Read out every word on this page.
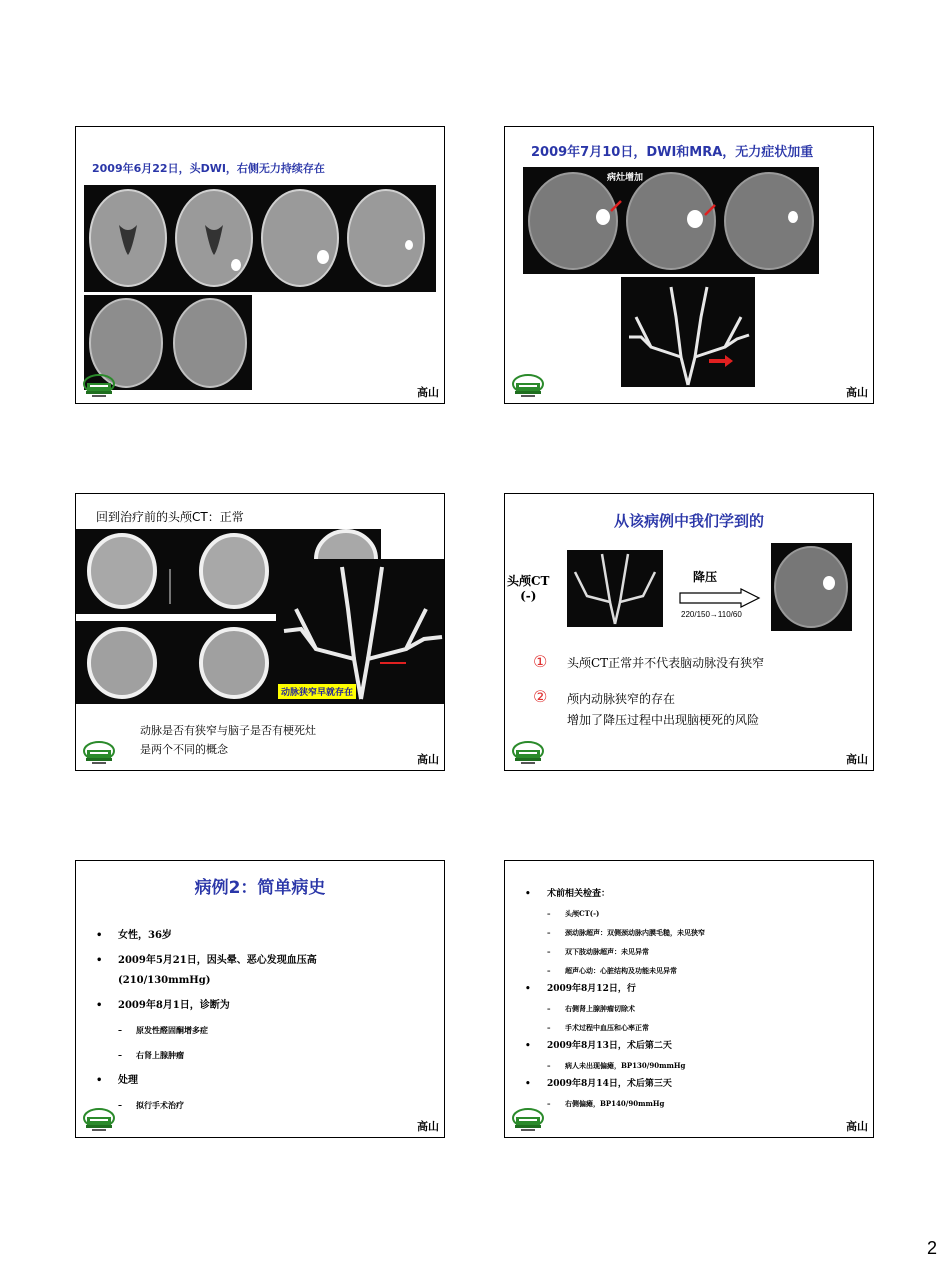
2009年6月22日，头DWI，右侧无力持续存在
高山
2009年7月10日，DWI和MRA，无力症状加重
病灶增加
高山
回到治疗前的头颅CT：正常
动脉狭窄早就存在
动脉是否有狭窄与脑子是否有梗死灶
是两个不同的概念
高山
从该病例中我们学到的
头颅CT
(-)
降压
220/150→110/60
① 头颅CT正常并不代表脑动脉没有狭窄
② 颅内动脉狭窄的存在
增加了降压过程中出现脑梗死的风险
高山
病例2：简单病史
• 女性，36岁
• 2009年5月21日，因头晕、恶心发现血压高
(210/130mmHg)
• 2009年8月1日，诊断为
– 原发性醛固酮增多症
– 右肾上腺肿瘤
• 处理
– 拟行手术治疗
高山
• 术前相关检查：
– 头颅CT(-)
– 颈动脉超声：双侧颈动脉内膜毛糙，未见狭窄
– 双下肢动脉超声：未见异常
– 超声心动：心脏结构及功能未见异常
• 2009年8月12日，行
– 右侧肾上腺肿瘤切除术
– 手术过程中血压和心率正常
• 2009年8月13日，术后第二天
– 病人未出现偏瘫，BP130/90mmHg
• 2009年8月14日，术后第三天
– 右侧偏瘫，BP140/90mmHg
高山
2
